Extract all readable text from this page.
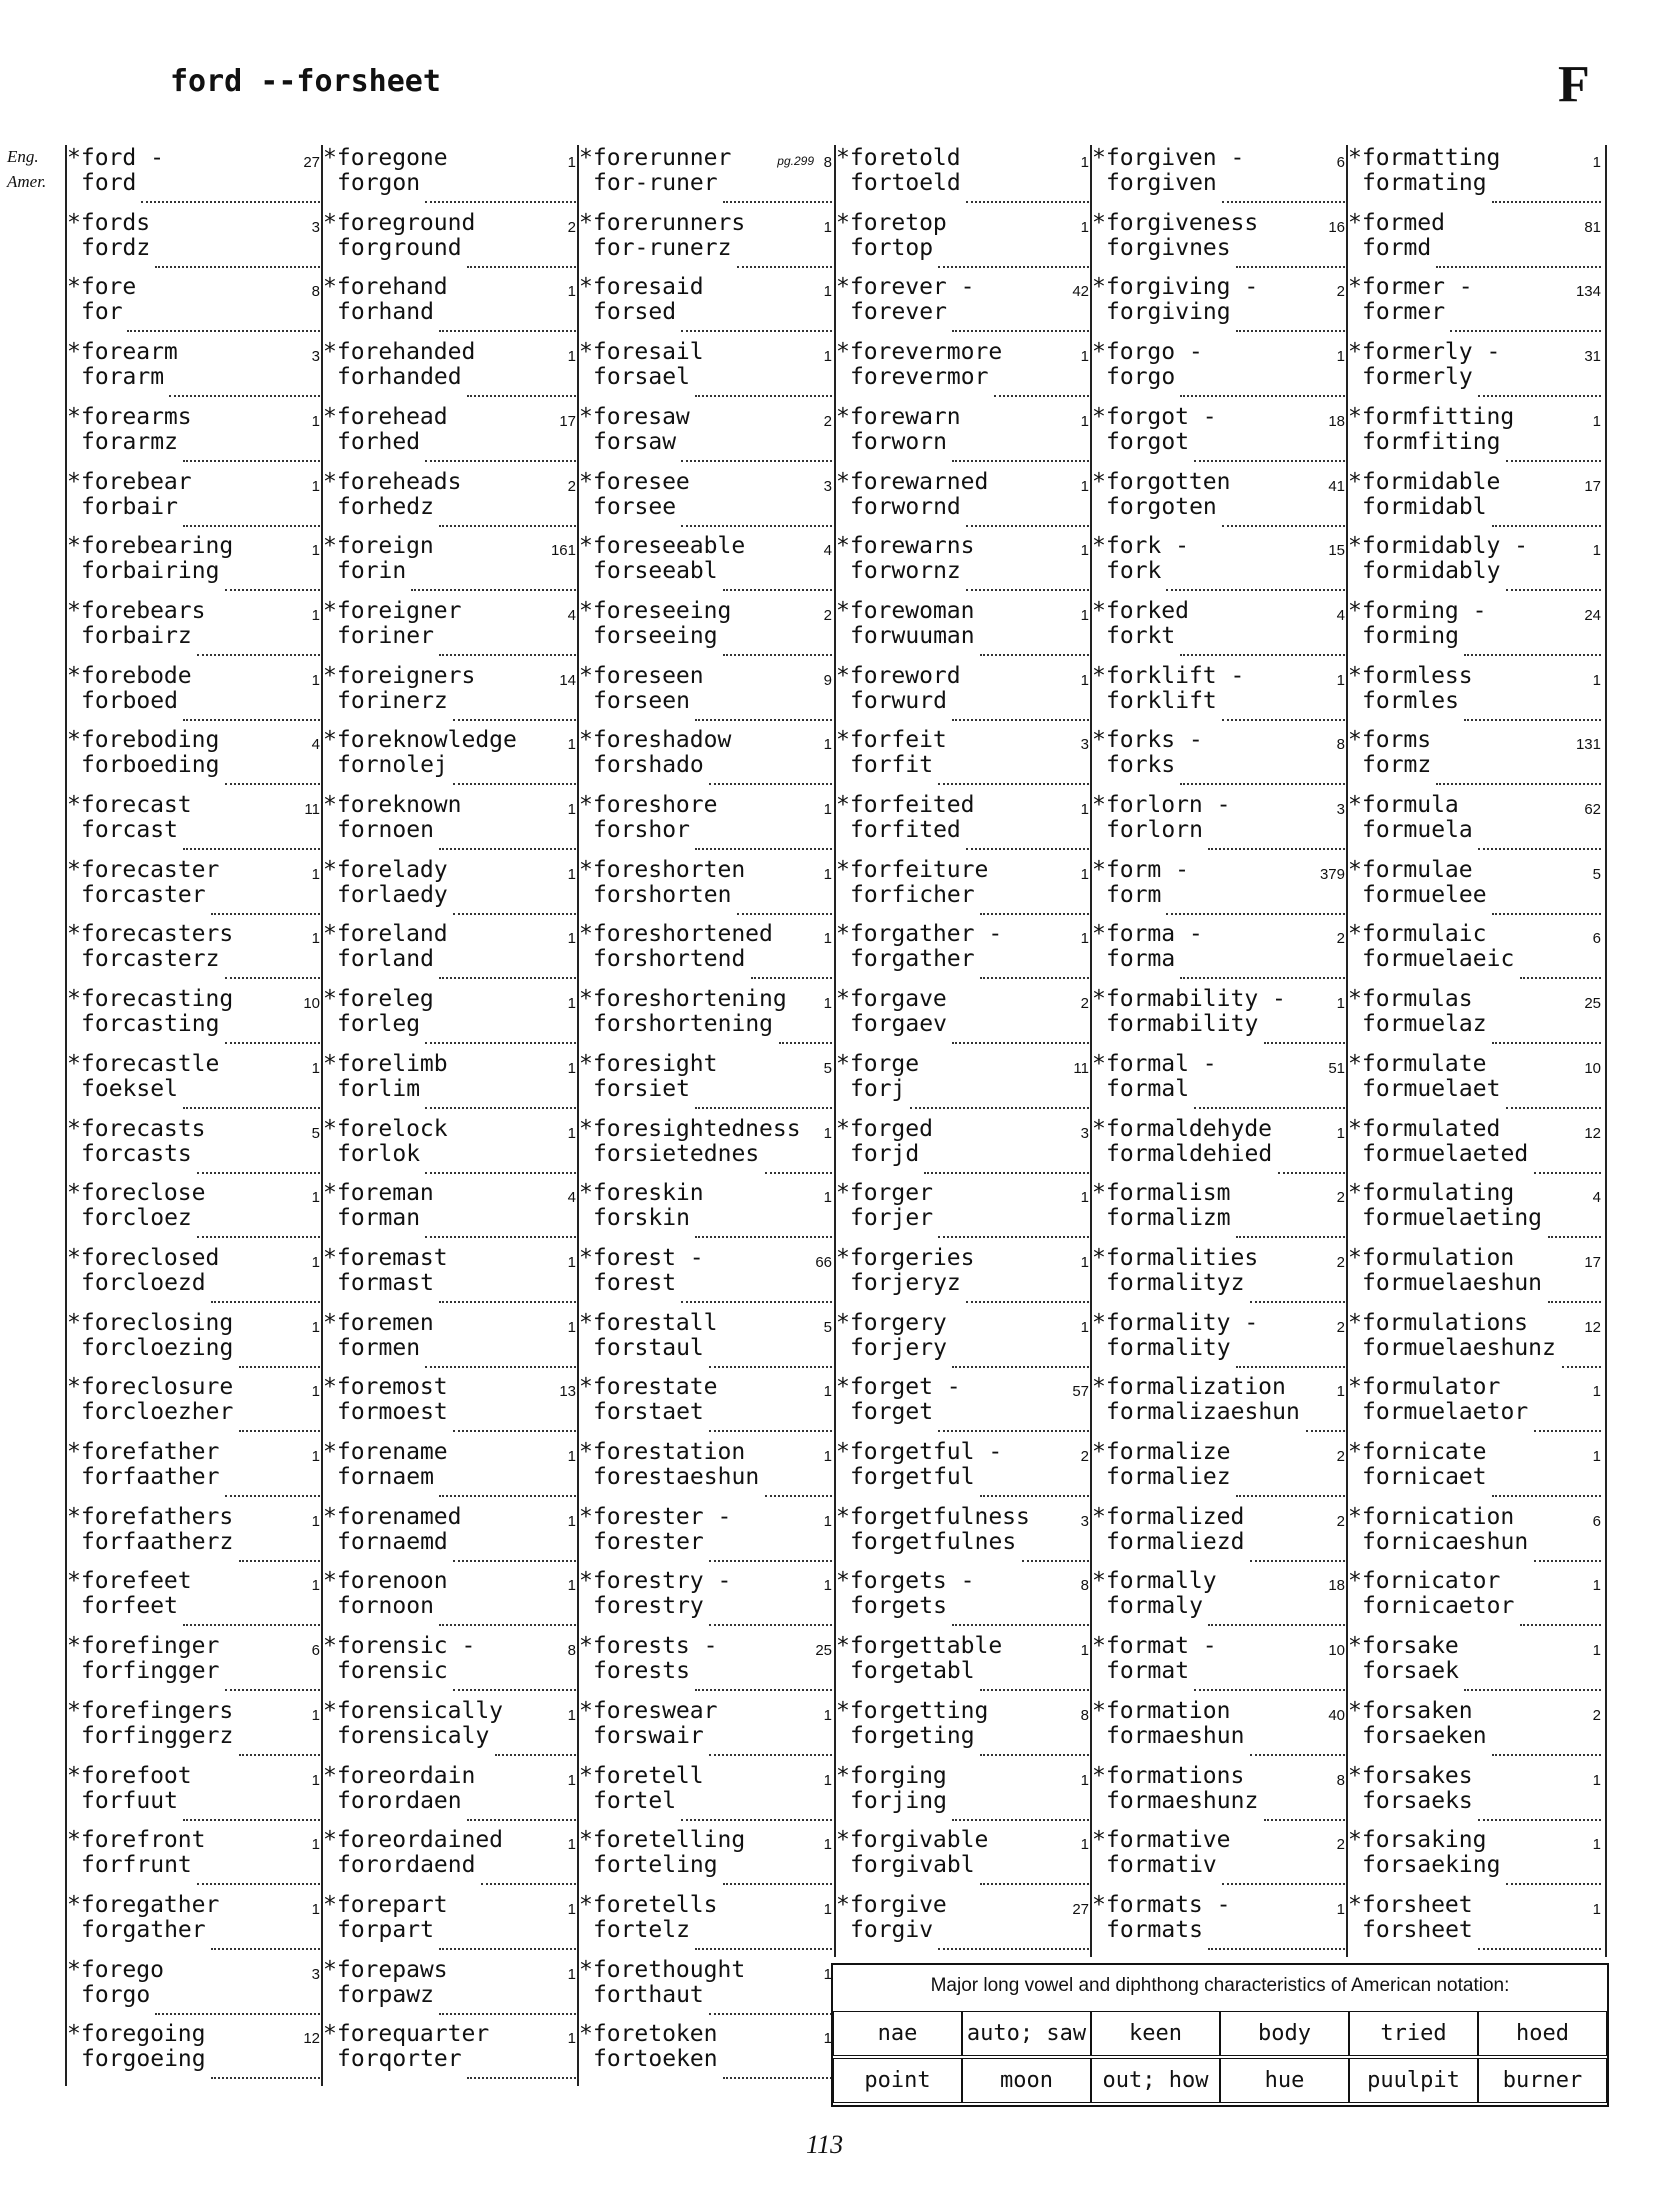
ford --forsheet	F
*ford -	27
ford
Eng.
Amer.
*fords	3
fordz
*fore	8
for
*forearm	3
forarm
*forearms	1
forarmz
*forebear	1
forbair
*forebearing	1
forbairing
*forebears	1
forbairz
*forebode	1
forboed
*foreboding	4
forboeding
*forecast	11
forcast
*forecaster	1
forcaster
*forecasters	1
forcasterz
*forecasting	10
forcasting
*forecastle	1
foeksel
*forecasts	5
forcasts
*foreclose	1
forcloez
*foreclosed	1
forcloezd
*foreclosing	1
forcloezing
*foreclosure	1
forcloezher
*forefather	1
forfaather
*forefathers	1
forfaatherz
*forefeet	1
forfeet
*forefinger	6
forfingger
*forefingers	1
forfinggerz
*forefoot	1
forfuut
*forefront	1
forfrunt
*foregather	1
forgather
*forego	3
forgo
*foregoing	12
forgoeing
*foregone	1
forgon
*foreground	2
forground
*forehand	1
forhand
*forehanded	1
forhanded
*forehead	17
forhed
*foreheads	2
forhedz
*foreign	161
forin
*foreigner	4
foriner
*foreigners	14
forinerz
*foreknowledge	1
fornolej
*foreknown	1
fornoen
*forelady	1
forlaedy
*foreland	1
forland
*foreleg	1
forleg
*forelimb	1
forlim
*forelock	1
forlok
*foreman	4
forman
*foremast	1
formast
*foremen	1
formen
*foremost	13
formoest
*forename	1
fornaem
*forenamed	1
fornaemd
*forenoon	1
fornoon
*forensic -	8
forensic
*forensically	1
forensicaly
*foreordain	1
forordaen
*foreordained	1
forordaend
*forepart	1
forpart
*forepaws	1
forpawz
*forequarter	1
forqorter
*forerunner	8
for-runer
pg.299
*forerunners	1
for-runerz
*foresaid	1
forsed
*foresail	1
forsael
*foresaw	2
forsaw
*foresee	3
forsee
*foreseeable	4
forseeabl
*foreseeing	2
forseeing
*foreseen	9
forseen
*foreshadow	1
forshado
*foreshore	1
forshor
*foreshorten	1
forshorten
*foreshortened	1
forshortend
*foreshortening 1
forshortening
*foresight	5
forsiet
*foresightedness 1
forsietednes
*foreskin	1
forskin
*forest -	66
forest
*forestall	5
forstaul
*forestate	1
forstaet
*forestation	1
forestaeshun
*forester -	1
forester
*forestry -	1
forestry
*forests -	25
forests
*foreswear	1
forswair
*foretell	1
fortel
*foretelling	1
forteling
*foretells	1
fortelz
*forethought	1
forthaut
*foretoken	1
fortoeken
*foretold	1
fortoeld
*foretop	1
fortop
*forever -	42
forever
*forevermore	1
forevermor
*forewarn	1
forworn
*forewarned	1
forwornd
*forewarns	1
forwornz
*forewoman	1
forwuuman
*foreword	1
forwurd
*forfeit	3
forfit
*forfeited	1
forfited
*forfeiture	1
forficher
*forgather -	1
forgather
*forgave	2
forgaev
*forge	11
forj
*forged	3
forjd
*forger	1
forjer
*forgeries	1
forjeryz
*forgery	1
forjery
*forget -	57
forget
*forgetful -	2
forgetful
*forgetfulness	3
forgetfulnes
*forgets -	8
forgets
*forgettable	1
forgetabl
*forgetting	8
forgeting
*forging	1
forjing
*forgivable	1
forgivabl
*forgive	27
forgiv
*forgiven -	6
forgiven
*forgiveness	16
forgivnes
*forgiving -	2
forgiving
*forgo -	1
forgo
*forgot -	18
forgot
*forgotten	41
forgoten
*fork -	15
fork
*forked	4
forkt
*forklift -	1
forklift
*forks -	8
forks
*forlorn -	3
forlorn
*form -	379
form
*forma -	2
forma
*formability -	1
formability
*formal -	51
formal
*formaldehyde	1
formaldehied
*formalism	2
formalizm
*formalities	2
formalityz
*formality -	2
formality
*formalization	1
formalizaeshun
*formalize	2
formaliez
*formalized	2
formaliezd
*formally	18
formaly
*format -	10
format
*formation	40
formaeshun
*formations	8
formaeshunz
*formative	2
formativ
*formats -	1
formats
*formatting	1
formating
*formed	81
formd
*former -	134
former
*formerly -	31
formerly
*formfitting	1
formfiting
*formidable	17
formidabl
*formidably -	1
formidably
*forming -	24
forming
*formless	1
formles
*forms	131
formz
*formula	62
formuela
*formulae	5
formuelee
*formulaic	6
formuelaeic
*formulas	25
formuelaz
*formulate	10
formuelaet
*formulated	12
formuelaeted
*formulating	4
formuelaeting
*formulation	17
formuelaeshun
*formulations	12
formuelaeshunz
*formulator	1
formuelaetor
*fornicate	1
fornicaet
*fornication	6
fornicaeshun
*fornicator	1
fornicaetor
*forsake	1
forsaek
*forsaken	2
forsaeken
*forsakes	1
forsaeks
*forsaking	1
forsaeking
*forsheet	1
forsheet
Major long vowel and diphthong characteristics of American notation:
nae	auto; saw	keen	body	tried	hoed
point	moon	out; how	hue	puulpit	burner
113
